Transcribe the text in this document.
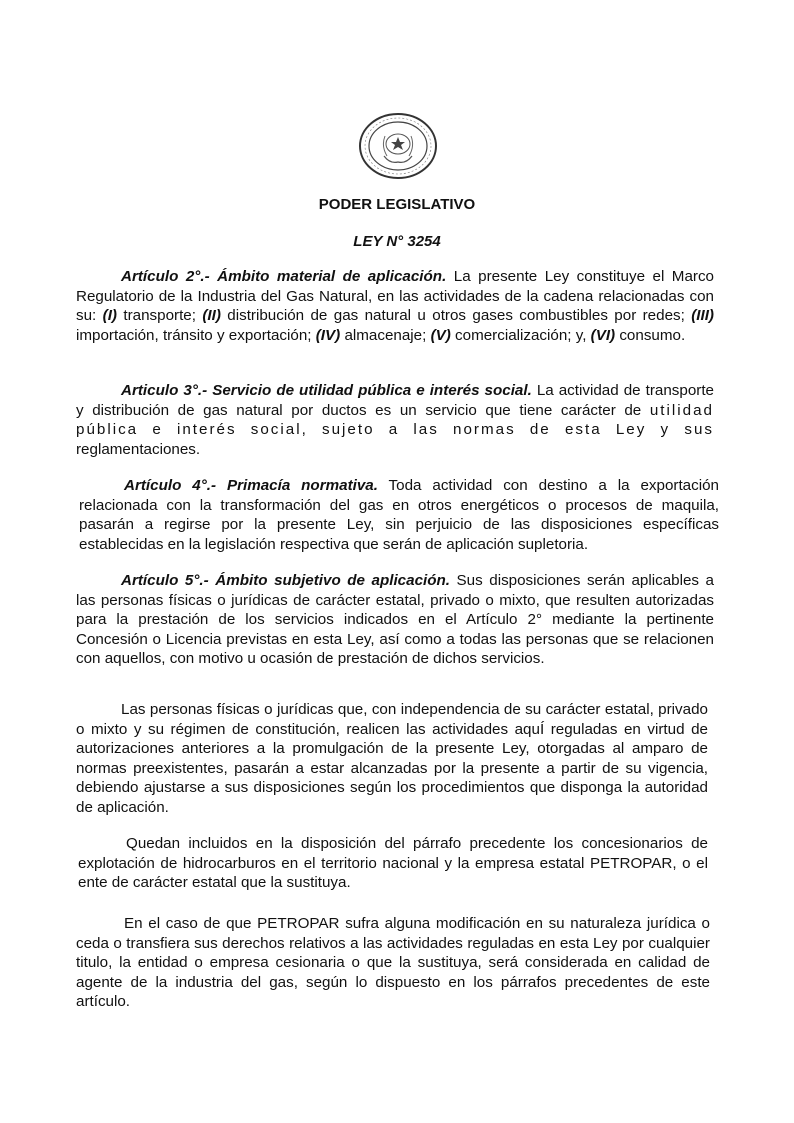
PODER LEGISLATIVO
LEY N° 3254

Artículo 2°.- Ámbito material de aplicación. La presente Ley constituye el Marco Regulatorio de la Industria del Gas Natural, en las actividades de la cadena relacionadas con su: (I) transporte; (II) distribución de gas natural u otros gases combustibles por redes; (III) importación, tránsito y exportación; (IV) almacenaje; (V) comercialización; y, (VI) consumo.

Articulo 3°.- Servicio de utilidad pública e interés social. La actividad de transporte y distribución de gas natural por ductos es un servicio que tiene carácter de utilidad pública e interés social, sujeto a las normas de esta Ley y sus reglamentaciones.

Artículo 4°.- Primacía normativa. Toda actividad con destino a la exportación relacionada con la transformación del gas en otros energéticos o procesos de maquila, pasarán a regirse por la presente Ley, sin perjuicio de las disposiciones específicas establecidas en la legislación respectiva que serán de aplicación supletoria.

Artículo 5°.- Ámbito subjetivo de aplicación. Sus disposiciones serán aplicables a las personas físicas o jurídicas de carácter estatal, privado o mixto, que resulten autorizadas para la prestación de los servicios indicados en el Artículo 2° mediante la pertinente Concesión o Licencia previstas en esta Ley, así como a todas las personas que se relacionen con aquellos, con motivo u ocasión de prestación de dichos servicios.

Las personas físicas o jurídicas que, con independencia de su carácter estatal, privado o mixto y su régimen de constitución, realicen las actividades aquÍ reguladas en virtud de autorizaciones anteriores a la promulgación de la presente Ley, otorgadas al amparo de normas preexistentes, pasarán a estar alcanzadas por la presente a partir de su vigencia, debiendo ajustarse a sus disposiciones según los procedimientos que disponga la autoridad de aplicación.

Quedan incluidos en la disposición del párrafo precedente los concesionarios de explotación de hidrocarburos en el territorio nacional y la empresa estatal PETROPAR, o el ente de carácter estatal que la sustituya.

En el caso de que PETROPAR sufra alguna modificación en su naturaleza jurídica o ceda o transfiera sus derechos relativos a las actividades reguladas en esta Ley por cualquier titulo, la entidad o empresa cesionaria o que la sustituya, será considerada en calidad de agente de la industria del gas, según lo dispuesto en los párrafos precedentes de este artículo.
